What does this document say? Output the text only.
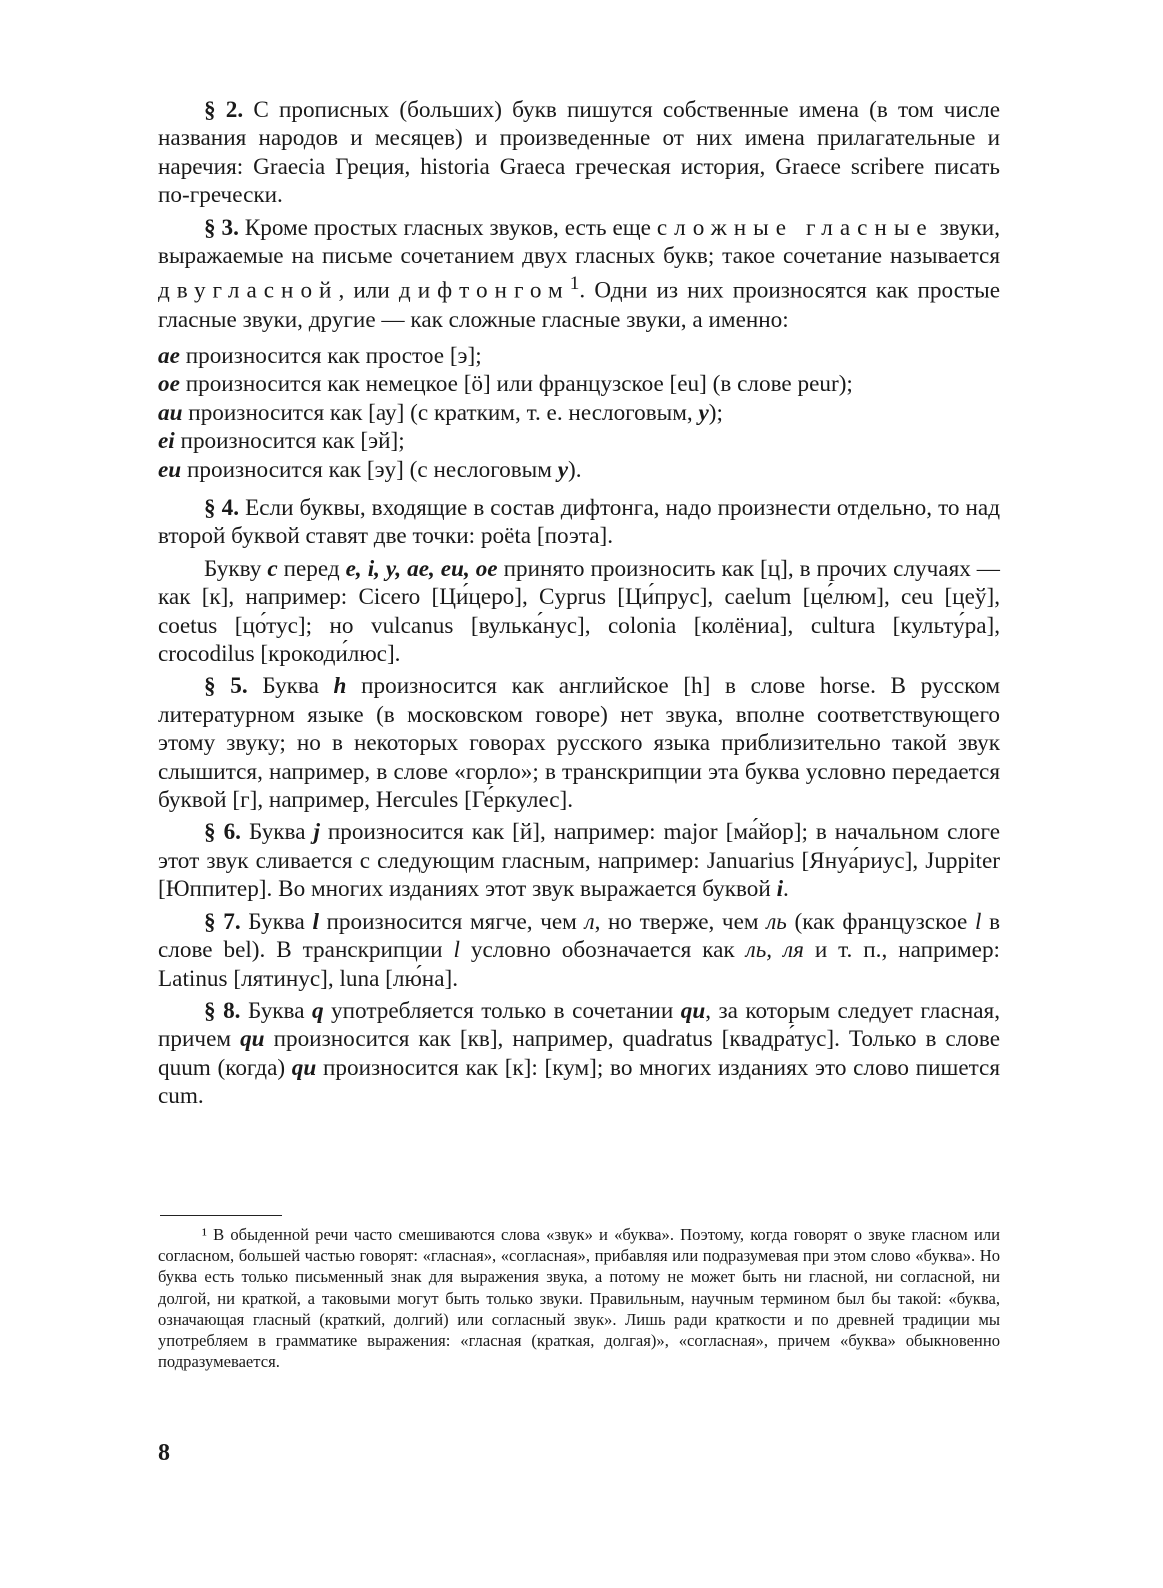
§ 2. С прописных (больших) букв пишутся собственные имена (в том числе названия народов и месяцев) и произведенные от них имена прилагательные и наречия: Graecia Греция, historia Graeca греческая история, Graece scribere писать по-гречески.

§ 3. Кроме простых гласных звуков, есть еще сложные гласные звуки, выражаемые на письме сочетанием двух гласных букв; такое сочетание называется двугласной, или дифтонгом$^1$. Одни из них произносятся как простые гласные звуки, другие — как сложные гласные звуки, а именно:

ae произносится как простое [э];

oe произносится как немецкое [ö] или французское [eu] (в слове peur);

au произносится как [ау] (с кратким, т. е. неслоговым, у);

ei произносится как [эй];

eu произносится как [эу] (с неслоговым у).

§ 4. Если буквы, входящие в состав дифтонга, надо произнести отдельно, то над второй буквой ставят две точки: poëta [поэта].

Букву с перед e, i, y, ae, eu, oe принято произносить как [ц], в прочих случаях — как [к], например: Cicero [Ци́церо], Cyprus [Ци́прус], caelum [це́люм], ceu [цеў], coetus [цо́тус]; но vulcanus [вулька́нус], colonia [колёниа], cultura [культу́ра], crocodilus [крокоди́люс].

§ 5. Буква h произносится как английское [h] в слове horse. В русском литературном языке (в московском говоре) нет звука, вполне соответствующего этому звуку; но в некоторых говорах русского языка приблизительно такой звук слышится, например, в слове «горло»; в транскрипции эта буква условно передается буквой [г], например, Hercules [Ге́ркулес].

§ 6. Буква j произносится как [й], например: major [ма́йор]; в начальном слоге этот звук сливается с следующим гласным, например: Januarius [Януа́риус], Juppiter [Юппитер]. Во многих изданиях этот звук выражается буквой i.

§ 7. Буква l произносится мягче, чем л, но тверже, чем ль (как французское l в слове bel). В транскрипции l условно обозначается как ль, ля и т. п., например: Latinus [лятинус], luna [лю́на].

§ 8. Буква q употребляется только в сочетании qu, за которым следует гласная, причем qu произносится как [кв], например, quadratus [квадра́тус]. Только в слове quum (когда) qu произносится как [к]: [кум]; во многих изданиях это слово пишется cum.

¹ В обыденной речи часто смешиваются слова «звук» и «буква». Поэтому, когда говорят о звуке гласном или согласном, большей частью говорят: «гласная», «согласная», прибавляя или подразумевая при этом слово «буква». Но буква есть только письменный знак для выражения звука, а потому не может быть ни гласной, ни согласной, ни долгой, ни краткой, а таковыми могут быть только звуки. Правильным, научным термином был бы такой: «буква, означающая гласный (краткий, долгий) или согласный звук». Лишь ради краткости и по древней традиции мы употребляем в грамматике выражения: «гласная (краткая, долгая)», «согласная», причем «буква» обыкновенно подразумевается.

8
